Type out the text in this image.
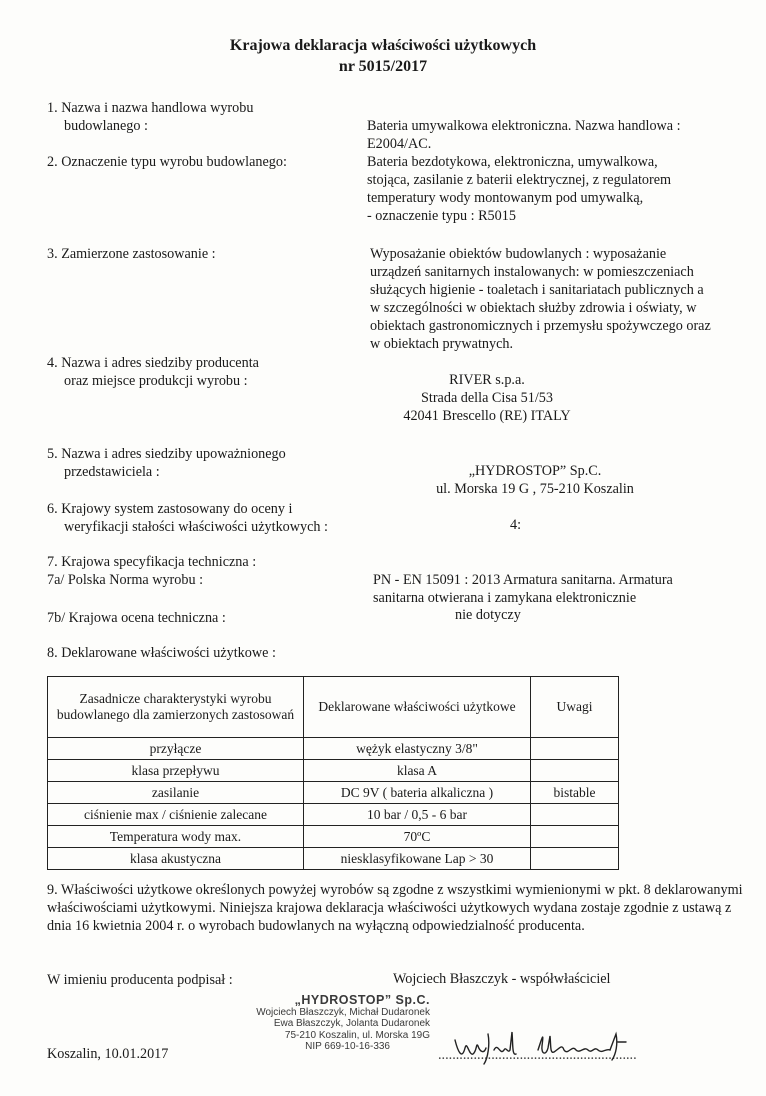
Krajowa deklaracja właściwości użytkowych
nr 5015/2017
1. Nazwa i nazwa handlowa wyrobu
budowlanego :	Bateria umywalkowa elektroniczna. Nazwa handlowa :
E2004/AC.
2. Oznaczenie typu wyrobu budowlanego:	Bateria bezdotykowa, elektroniczna, umywalkowa,
stojąca, zasilanie z baterii elektrycznej, z regulatorem
temperatury wody montowanym pod umywalką,
- oznaczenie typu : R5015
3. Zamierzone zastosowanie :	Wyposażanie obiektów budowlanych : wyposażanie
urządzeń sanitarnych instalowanych: w pomieszczeniach
służących higienie - toaletach i sanitariatach publicznych a
w szczególności w obiektach służby zdrowia i oświaty, w
obiektach gastronomicznych i przemysłu spożywczego oraz
w obiektach prywatnych.
4. Nazwa i adres siedziby producenta
oraz miejsce produkcji wyrobu :	RIVER s.p.a.
Strada della Cisa 51/53
42041 Brescello (RE) ITALY
5. Nazwa i adres siedziby upoważnionego
przedstawiciela :	„HYDROSTOP” Sp.C.
ul. Morska 19 G , 75-210 Koszalin
6. Krajowy system zastosowany do oceny i
weryfikacji stałości właściwości użytkowych :	4:
7. Krajowa specyfikacja techniczna :
7a/ Polska Norma wyrobu :	PN - EN 15091 : 2013 Armatura sanitarna. Armatura
sanitarna otwierana i zamykana elektronicznie
7b/ Krajowa ocena techniczna :	nie dotyczy
8. Deklarowane właściwości użytkowe :
Zasadnicze charakterystyki wyrobu budowlanego dla zamierzonych zastosowań	Deklarowane właściwości użytkowe	Uwagi
przyłącze	wężyk elastyczny 3/8"	
klasa przepływu	klasa A	
zasilanie	DC 9V ( bateria alkaliczna )	bistable
ciśnienie max / ciśnienie zalecane	10 bar / 0,5 - 6 bar	
Temperatura wody max.	70ºC	
klasa akustyczna	niesklasyfikowane Lap > 30	
9. Właściwości użytkowe określonych powyżej wyrobów są zgodne z wszystkimi wymienionymi w pkt. 8 deklarowanymi właściwościami użytkowymi. Niniejsza krajowa deklaracja właściwości użytkowych wydana zostaje zgodnie z ustawą z dnia 16 kwietnia 2004 r. o wyrobach budowlanych na wyłączną odpowiedzialność producenta.
W imieniu producenta podpisał :	Wojciech Błaszczyk - współwłaściciel
„HYDROSTOP” Sp.C.
Wojciech Błaszczyk, Michał Dudaronek
Ewa Błaszczyk, Jolanta Dudaronek
75-210 Koszalin, ul. Morska 19G
NIP 669-10-16-336
Koszalin, 10.01.2017	........................................................
